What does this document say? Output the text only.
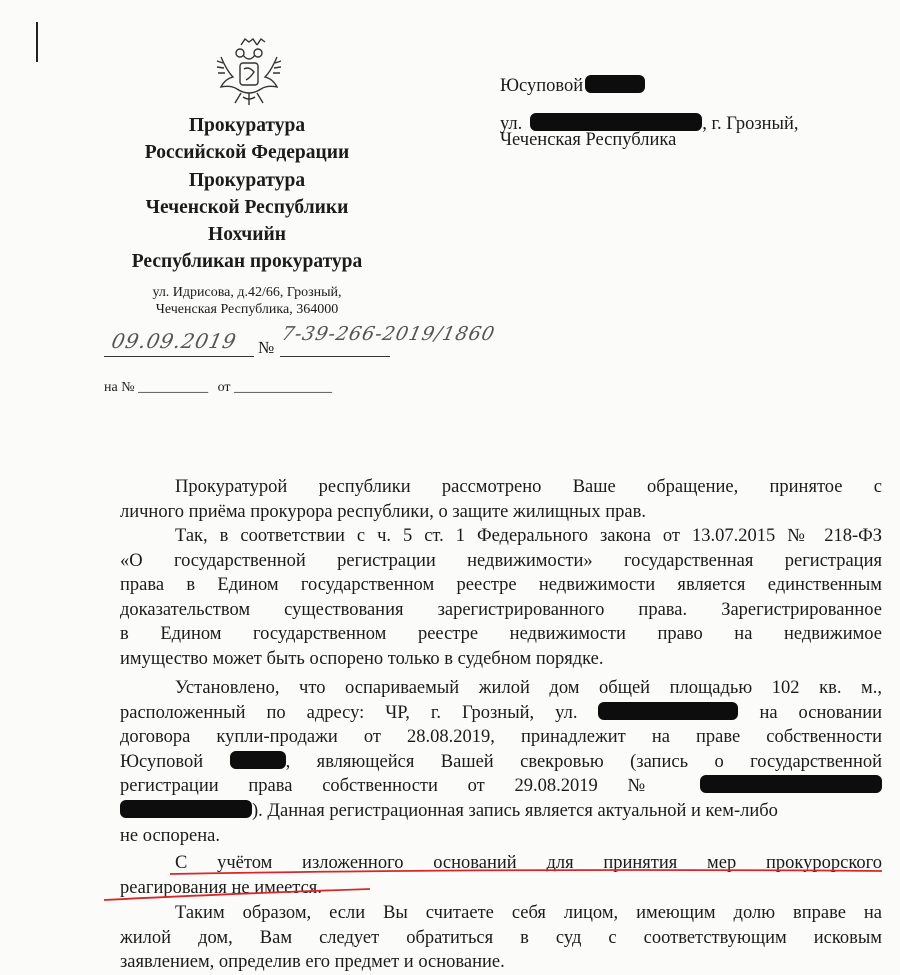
Прокуратура
Российской Федерации
Прокуратура
Чеченской Республики
Нохчийн
Республикан прокуратура
ул. Идрисова, д.42/66, Грозный,
Чеченская Республика, 364000
09.09.2019 №
7-39-266-2019/1860
на № __________ от ______________
Юсуповой
ул.	, г. Грозный,
Чеченская Республика
Прокуратурой республики рассмотрено Ваше обращение, принятое с
личного приёма прокурора республики, о защите жилищных прав.
Так, в соответствии с ч. 5 ст. 1 Федерального закона от 13.07.2015 № 218-ФЗ
«О государственной регистрации недвижимости» государственная регистрация
права в Едином государственном реестре недвижимости является единственным
доказательством существования зарегистрированного права. Зарегистрированное
в Едином государственном реестре недвижимости право на недвижимое
имущество может быть оспорено только в судебном порядке.
Установлено, что оспариваемый жилой дом общей площадью 102 кв. м.,
расположенный по адресу: ЧР, г. Грозный, ул.	на основании
договора купли-продажи от 28.08.2019, принадлежит на праве собственности
Юсуповой	, являющейся Вашей свекровью (запись о государственной
регистрации права собственности от 29.08.2019 №
). Данная регистрационная запись является актуальной и кем-либо
не оспорена.
С учётом изложенного оснований для принятия мер прокурорского
реагирования не имеется.
Таким образом, если Вы считаете себя лицом, имеющим долю вправе на
жилой дом, Вам следует обратиться в суд с соответствующим исковым
заявлением, определив его предмет и основание.
